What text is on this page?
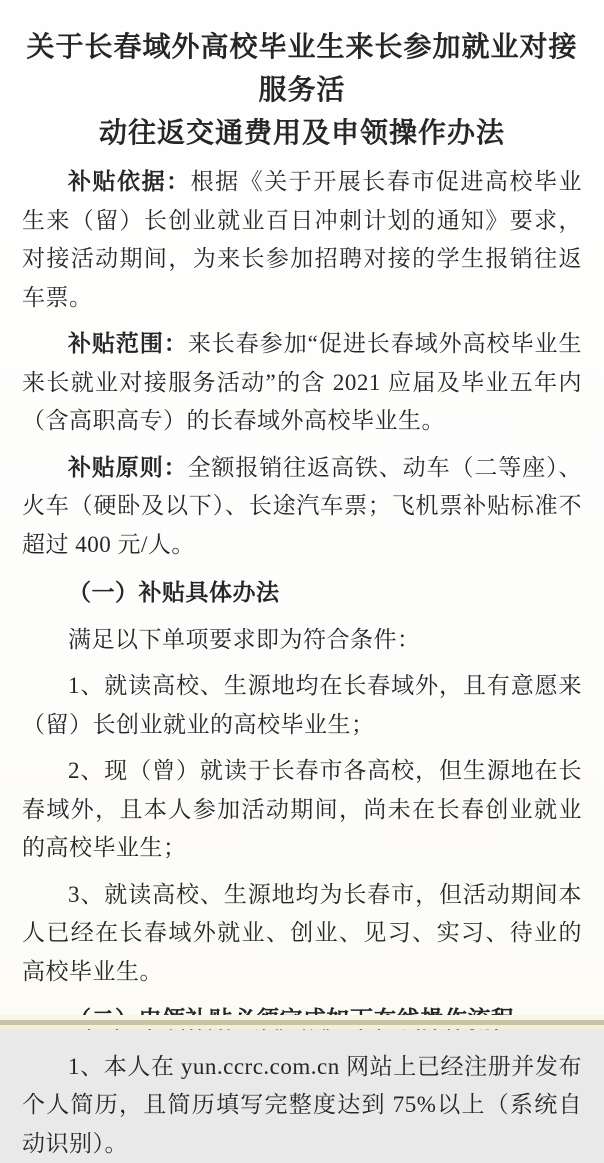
关于长春域外高校毕业生来长参加就业对接服务活
动往返交通费用及申领操作办法

补贴依据：根据《关于开展长春市促进高校毕业生来（留）长创业就业百日冲刺计划的通知》要求，对接活动期间，为来长参加招聘对接的学生报销往返车票。

补贴范围：来长春参加“促进长春域外高校毕业生来长就业对接服务活动”的含 2021 应届及毕业五年内（含高职高专）的长春域外高校毕业生。

补贴原则：全额报销往返高铁、动车（二等座）、火车（硬卧及以下）、长途汽车票；飞机票补贴标准不超过 400 元/人。

（一）补贴具体办法

满足以下单项要求即为符合条件：

1、就读高校、生源地均在长春域外，且有意愿来（留）长创业就业的高校毕业生；

2、现（曾）就读于长春市各高校，但生源地在长春域外，且本人参加活动期间，尚未在长春创业就业的高校毕业生；

3、就读高校、生源地均为长春市，但活动期间本人已经在长春域外就业、创业、见习、实习、待业的高校毕业生。

1、本人在 yun.ccrc.com.cn 网站上已经注册并发布个人简历，且简历填写完整度达到 75%以上（系统自动识别）。
